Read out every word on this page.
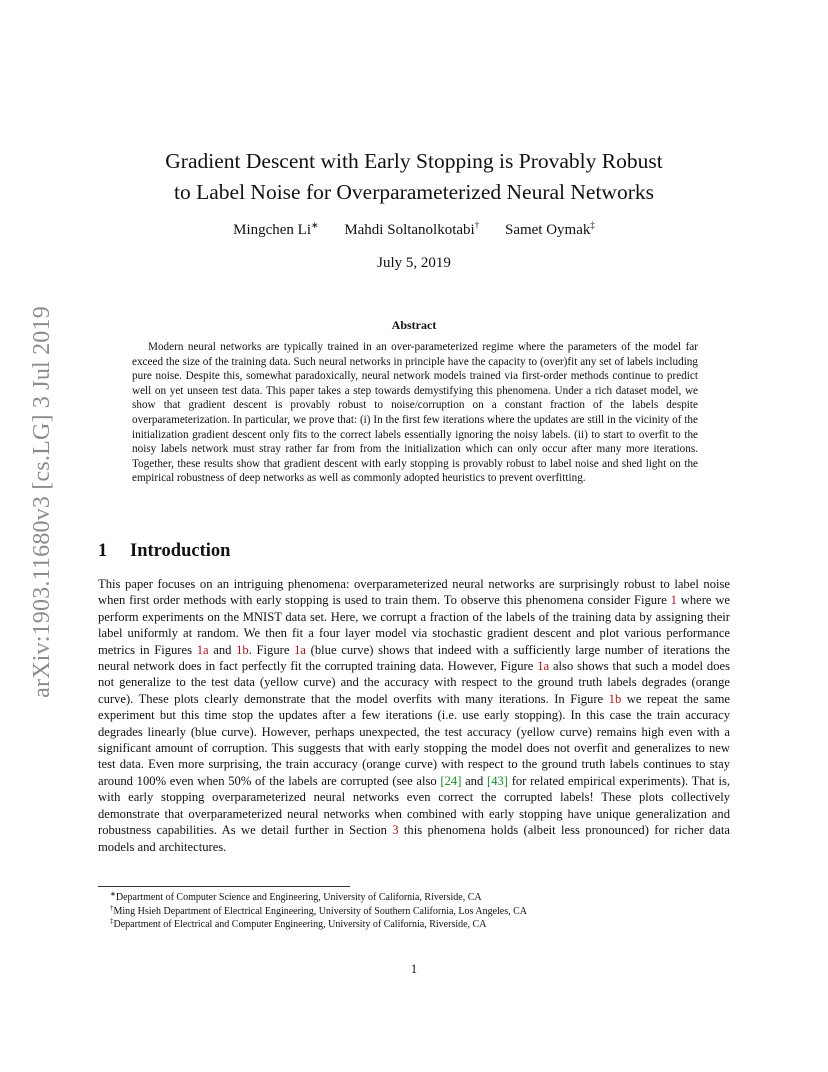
arXiv:1903.11680v3 [cs.LG] 3 Jul 2019
Gradient Descent with Early Stopping is Provably Robust
to Label Noise for Overparameterized Neural Networks
Mingchen Li∗ Mahdi Soltanolkotabi† Samet Oymak‡
July 5, 2019
Abstract
Modern neural networks are typically trained in an over-parameterized regime where the parameters of the model far exceed the size of the training data. Such neural networks in principle have the capacity to (over)fit any set of labels including pure noise. Despite this, somewhat paradoxically, neural network models trained via first-order methods continue to predict well on yet unseen test data. This paper takes a step towards demystifying this phenomena. Under a rich dataset model, we show that gradient descent is provably robust to noise/corruption on a constant fraction of the labels despite overparameterization. In particular, we prove that: (i) In the first few iterations where the updates are still in the vicinity of the initialization gradient descent only fits to the correct labels essentially ignoring the noisy labels. (ii) to start to overfit to the noisy labels network must stray rather far from from the initialization which can only occur after many more iterations. Together, these results show that gradient descent with early stopping is provably robust to label noise and shed light on the empirical robustness of deep networks as well as commonly adopted heuristics to prevent overfitting.
1 Introduction
This paper focuses on an intriguing phenomena: overparameterized neural networks are surprisingly robust to label noise when first order methods with early stopping is used to train them. To observe this phenomena consider Figure 1 where we perform experiments on the MNIST data set. Here, we corrupt a fraction of the labels of the training data by assigning their label uniformly at random. We then fit a four layer model via stochastic gradient descent and plot various performance metrics in Figures 1a and 1b. Figure 1a (blue curve) shows that indeed with a sufficiently large number of iterations the neural network does in fact perfectly fit the corrupted training data. However, Figure 1a also shows that such a model does not generalize to the test data (yellow curve) and the accuracy with respect to the ground truth labels degrades (orange curve). These plots clearly demonstrate that the model overfits with many iterations. In Figure 1b we repeat the same experiment but this time stop the updates after a few iterations (i.e. use early stopping). In this case the train accuracy degrades linearly (blue curve). However, perhaps unexpected, the test accuracy (yellow curve) remains high even with a significant amount of corruption. This suggests that with early stopping the model does not overfit and generalizes to new test data. Even more surprising, the train accuracy (orange curve) with respect to the ground truth labels continues to stay around 100% even when 50% of the labels are corrupted (see also [24] and [43] for related empirical experiments). That is, with early stopping overparameterized neural networks even correct the corrupted labels! These plots collectively demonstrate that overparameterized neural networks when combined with early stopping have unique generalization and robustness capabilities. As we detail further in Section 3 this phenomena holds (albeit less pronounced) for richer data models and architectures.
∗Department of Computer Science and Engineering, University of California, Riverside, CA
†Ming Hsieh Department of Electrical Engineering, University of Southern California, Los Angeles, CA
‡Department of Electrical and Computer Engineering, University of California, Riverside, CA
1
